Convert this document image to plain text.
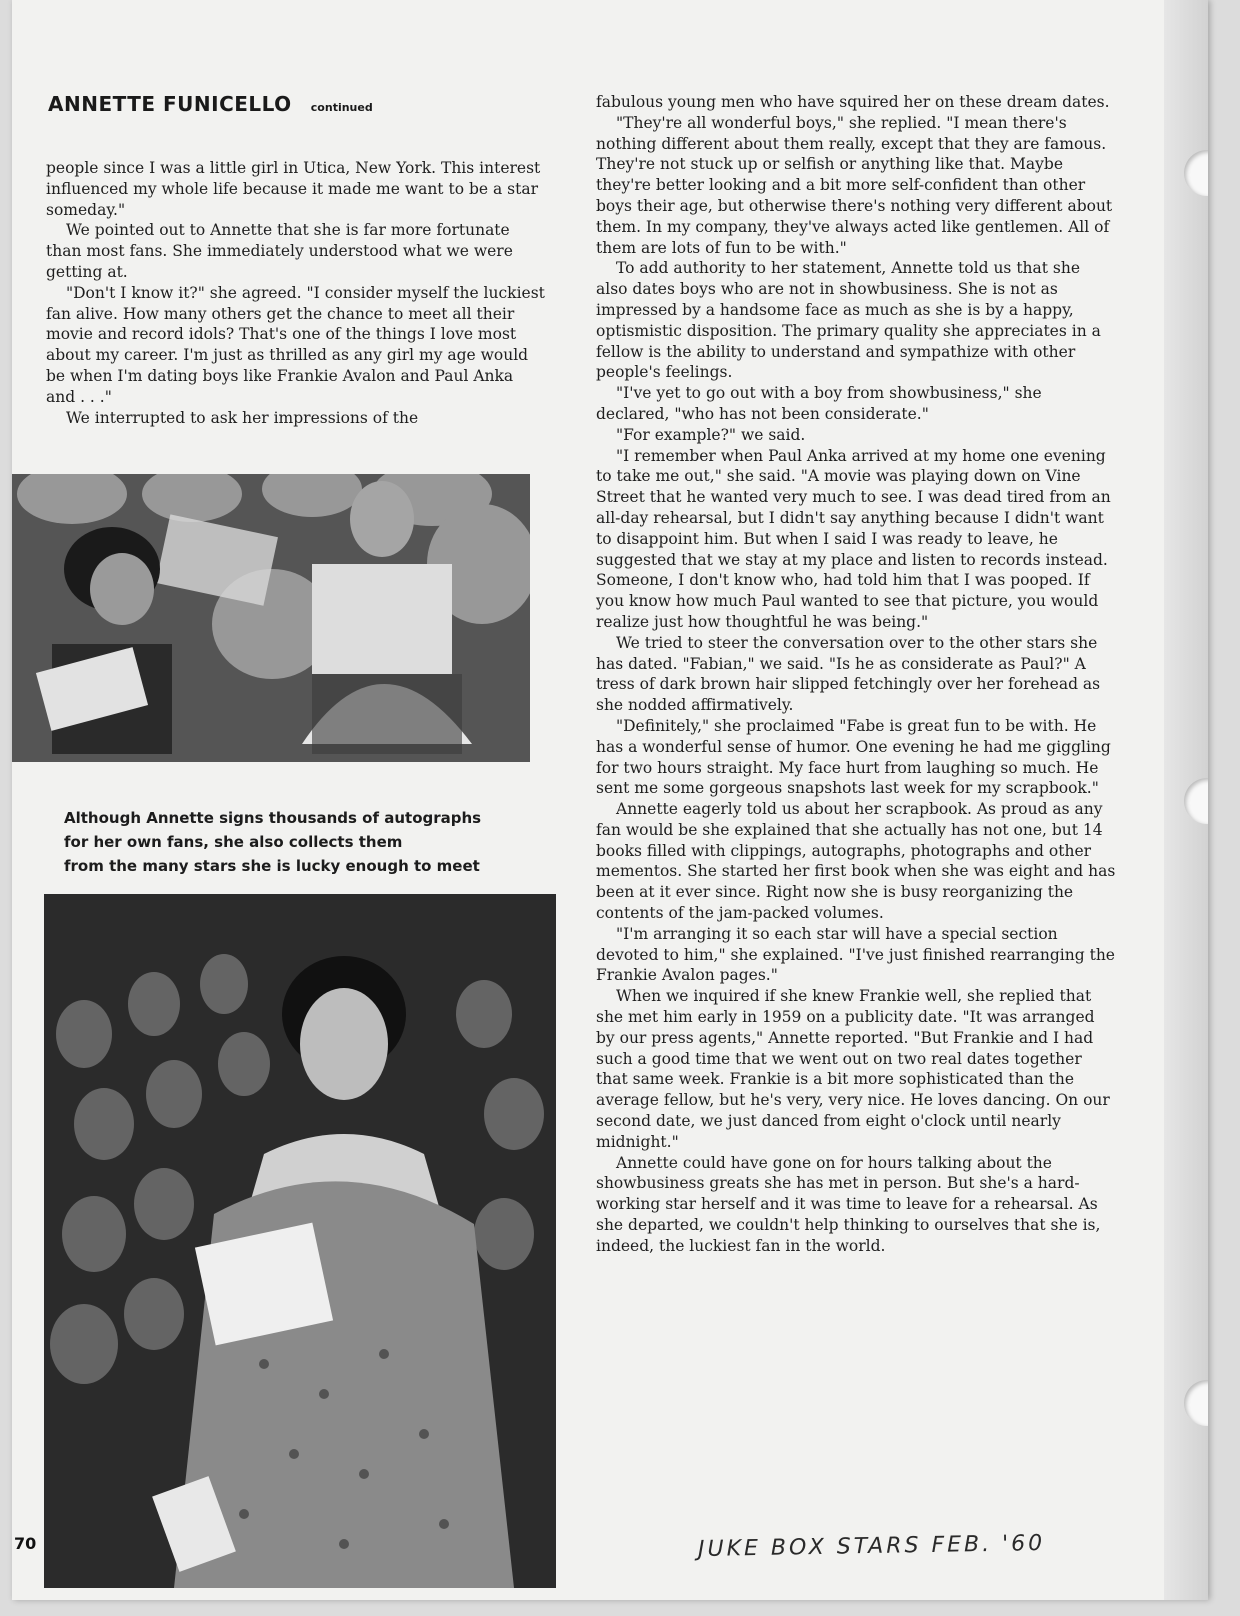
ANNETTE FUNICELLO continued

people since I was a little girl in Utica, New York. This interest influenced my whole life because it made me want to be a star someday."

We pointed out to Annette that she is far more fortunate than most fans. She immediately understood what we were getting at.

"Don't I know it?" she agreed. "I consider myself the luckiest fan alive. How many others get the chance to meet all their movie and record idols? That's one of the things I love most about my career. I'm just as thrilled as any girl my age would be when I'm dating boys like Frankie Avalon and Paul Anka and . . ."

We interrupted to ask her impressions of the

Although Annette signs thousands of autographs
for her own fans, she also collects them
from the many stars she is lucky enough to meet

fabulous young men who have squired her on these dream dates.

"They're all wonderful boys," she replied. "I mean there's nothing different about them really, except that they are famous. They're not stuck up or selfish or anything like that. Maybe they're better looking and a bit more self-confident than other boys their age, but otherwise there's nothing very different about them. In my company, they've always acted like gentlemen. All of them are lots of fun to be with."

To add authority to her statement, Annette told us that she also dates boys who are not in showbusiness. She is not as impressed by a handsome face as much as she is by a happy, optismistic disposition. The primary quality she appreciates in a fellow is the ability to understand and sympathize with other people's feelings.

"I've yet to go out with a boy from showbusiness," she declared, "who has not been considerate."

"For example?" we said.

"I remember when Paul Anka arrived at my home one evening to take me out," she said. "A movie was playing down on Vine Street that he wanted very much to see. I was dead tired from an all-day rehearsal, but I didn't say anything because I didn't want to disappoint him. But when I said I was ready to leave, he suggested that we stay at my place and listen to records instead. Someone, I don't know who, had told him that I was pooped. If you know how much Paul wanted to see that picture, you would realize just how thoughtful he was being."

We tried to steer the conversation over to the other stars she has dated. "Fabian," we said. "Is he as considerate as Paul?" A tress of dark brown hair slipped fetchingly over her forehead as she nodded affirmatively.

"Definitely," she proclaimed "Fabe is great fun to be with. He has a wonderful sense of humor. One evening he had me giggling for two hours straight. My face hurt from laughing so much. He sent me some gorgeous snapshots last week for my scrapbook."

Annette eagerly told us about her scrapbook. As proud as any fan would be she explained that she actually has not one, but 14 books filled with clippings, autographs, photographs and other mementos. She started her first book when she was eight and has been at it ever since. Right now she is busy reorganizing the contents of the jam-packed volumes.

"I'm arranging it so each star will have a special section devoted to him," she explained. "I've just finished rearranging the Frankie Avalon pages."

When we inquired if she knew Frankie well, she replied that she met him early in 1959 on a publicity date. "It was arranged by our press agents," Annette reported. "But Frankie and I had such a good time that we went out on two real dates together that same week. Frankie is a bit more sophisticated than the average fellow, but he's very, very nice. He loves dancing. On our second date, we just danced from eight o'clock until nearly midnight."

Annette could have gone on for hours talking about the showbusiness greats she has met in person. But she's a hard-working star herself and it was time to leave for a rehearsal. As she departed, we couldn't help thinking to ourselves that she is, indeed, the luckiest fan in the world.

70	JUKE BOX STARS FEB. '60
